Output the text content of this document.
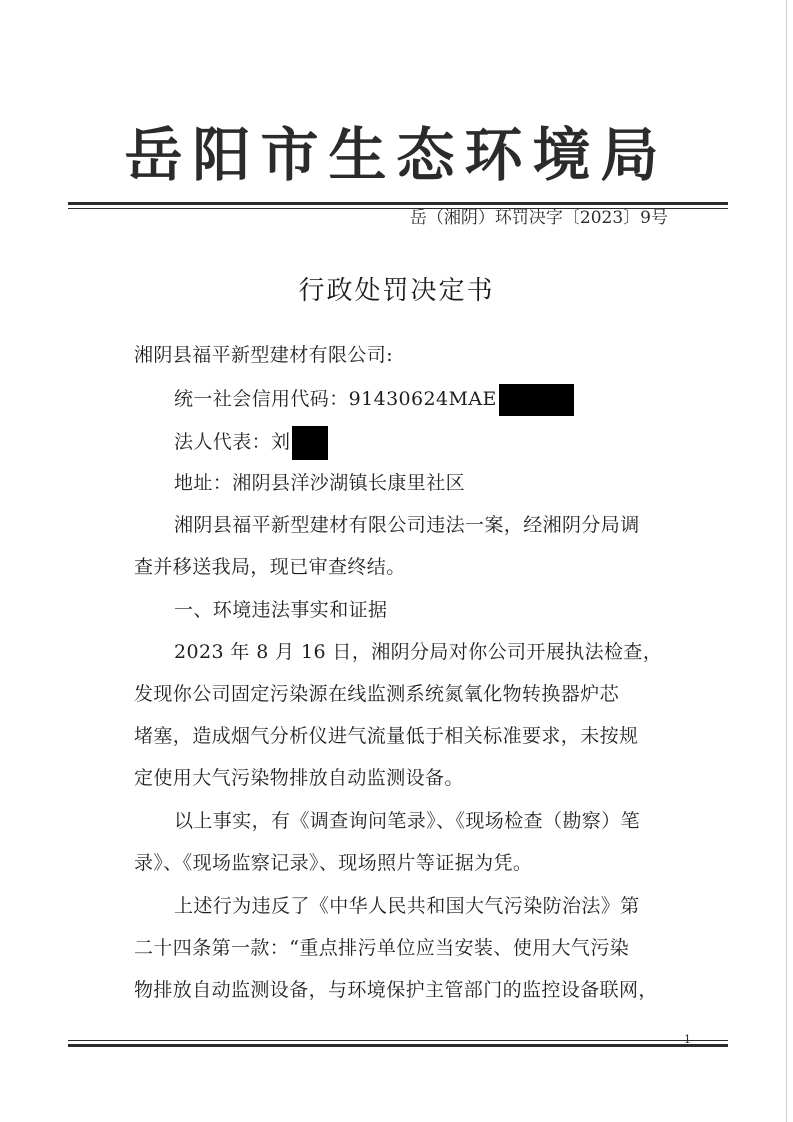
岳阳市生态环境局
岳（湘阴）环罚决字〔2023〕9号
行政处罚决定书
湘阴县福平新型建材有限公司:
统一社会信用代码：91430624MAE
法人代表：刘
地址：湘阴县洋沙湖镇长康里社区
湘阴县福平新型建材有限公司违法一案，经湘阴分局调
查并移送我局，现已审查终结。
一、环境违法事实和证据
2023 年 8 月 16 日，湘阴分局对你公司开展执法检查，
发现你公司固定污染源在线监测系统氮氧化物转换器炉芯
堵塞，造成烟气分析仪进气流量低于相关标准要求，未按规
定使用大气污染物排放自动监测设备。
以上事实，有《调查询问笔录》、《现场检查（勘察）笔
录》、《现场监察记录》、现场照片等证据为凭。
上述行为违反了《中华人民共和国大气污染防治法》第
二十四条第一款：“重点排污单位应当安装、使用大气污染
物排放自动监测设备，与环境保护主管部门的监控设备联网，
1
